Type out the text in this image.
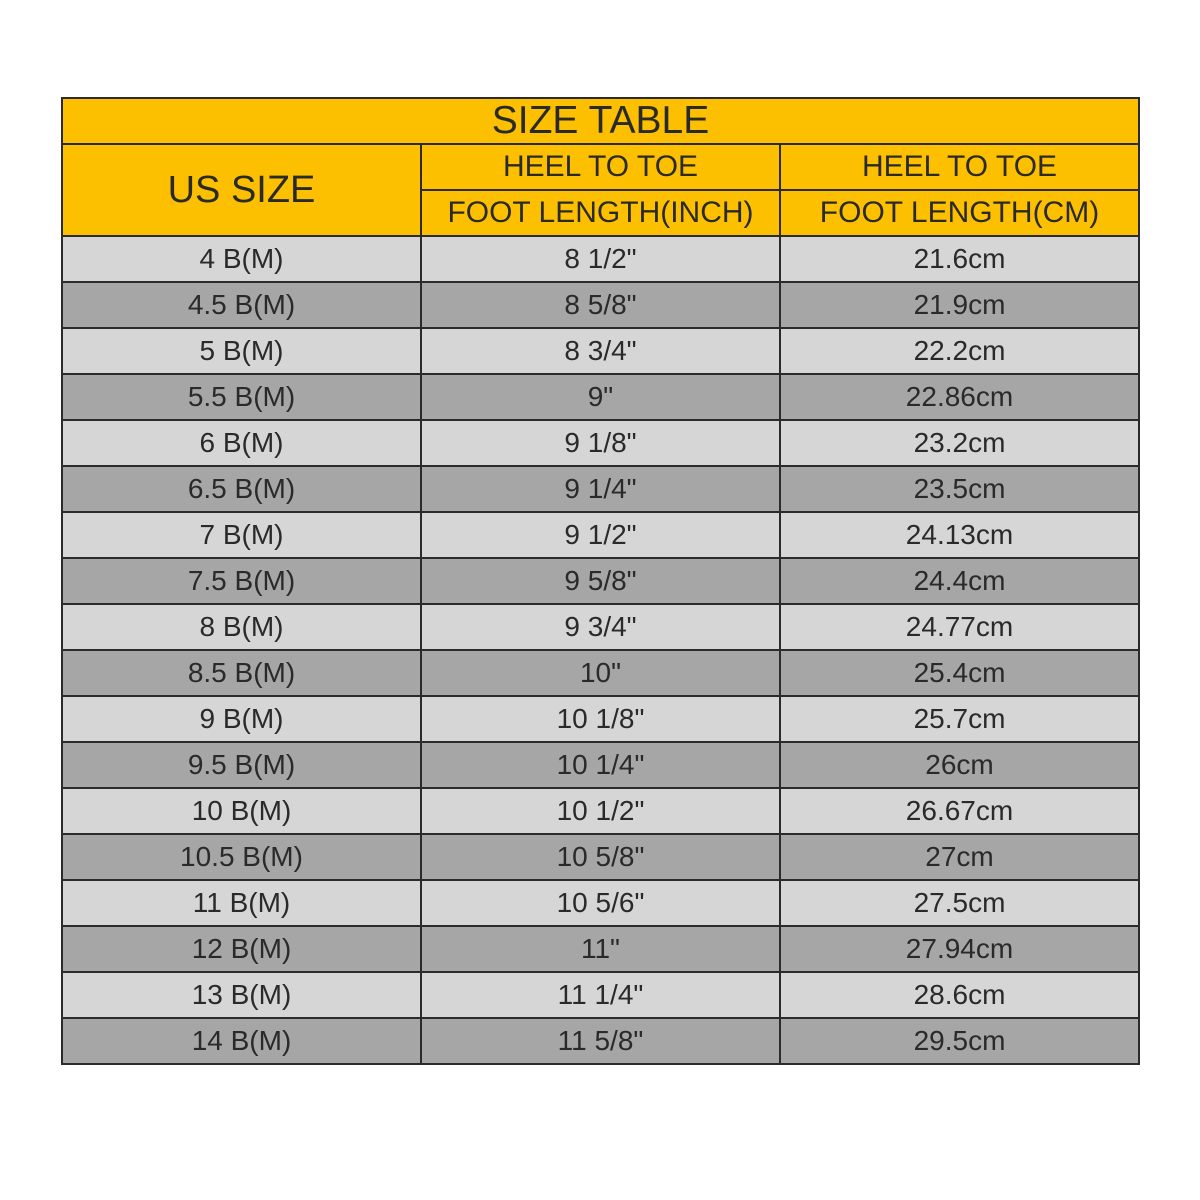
SIZE TABLE		
US SIZE	HEEL TO TOE	HEEL TO TOE
	FOOT LENGTH(INCH)	FOOT LENGTH(CM)
4 B(M)	8 1/2"	21.6cm
4.5 B(M)	8 5/8"	21.9cm
5 B(M)	8 3/4"	22.2cm
5.5 B(M)	9"	22.86cm
6 B(M)	9 1/8"	23.2cm
6.5 B(M)	9 1/4"	23.5cm
7 B(M)	9 1/2"	24.13cm
7.5 B(M)	9 5/8"	24.4cm
8 B(M)	9 3/4"	24.77cm
8.5 B(M)	10"	25.4cm
9 B(M)	10 1/8"	25.7cm
9.5 B(M)	10 1/4"	26cm
10 B(M)	10 1/2"	26.67cm
10.5 B(M)	10 5/8"	27cm
11 B(M)	10 5/6"	27.5cm
12 B(M)	11"	27.94cm
13 B(M)	11 1/4"	28.6cm
14 B(M)	11 5/8"	29.5cm
